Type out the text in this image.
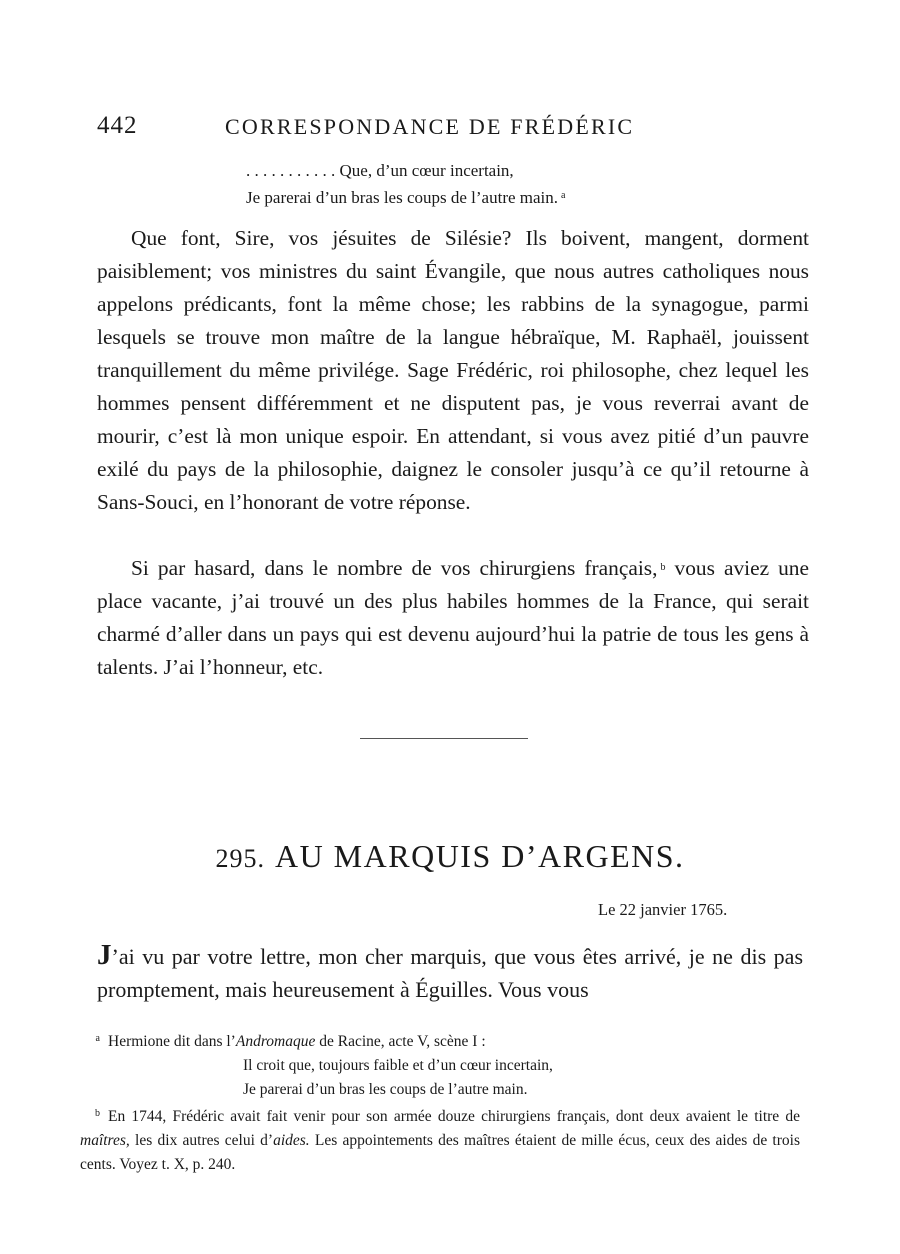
442	CORRESPONDANCE DE FRÉDÉRIC
. . . . . . . . . . . Que, d’un cœur incertain,
Je parerai d’un bras les coups de l’autre main. $^a$

Que font, Sire, vos jésuites de Silésie? Ils boivent, mangent, dorment paisiblement; vos ministres du saint Évangile, que nous autres catholiques nous appelons prédicants, font la même chose; les rabbins de la synagogue, parmi lesquels se trouve mon maître de la langue hébraïque, M. Raphaël, jouissent tranquillement du même privilége. Sage Frédéric, roi philosophe, chez lequel les hommes pensent différemment et ne disputent pas, je vous reverrai avant de mourir, c’est là mon unique espoir. En attendant, si vous avez pitié d’un pauvre exilé du pays de la philosophie, daignez le consoler jusqu’à ce qu’il retourne à Sans-Souci, en l’honorant de votre réponse.

Si par hasard, dans le nombre de vos chirurgiens français, $^b$ vous aviez une place vacante, j’ai trouvé un des plus habiles hommes de la France, qui serait charmé d’aller dans un pays qui est devenu aujourd’hui la patrie de tous les gens à talents. J’ai l’honneur, etc.

295. AU MARQUIS D’ARGENS.
Le 22 janvier 1765.

J’ai vu par votre lettre, mon cher marquis, que vous êtes arrivé, je ne dis pas promptement, mais heureusement à Éguilles. Vous vous

a Hermione dit dans l’Andromaque de Racine, acte V, scène I :

Il croit que, toujours faible et d’un cœur incertain,
Je parerai d’un bras les coups de l’autre main.

b En 1744, Frédéric avait fait venir pour son armée douze chirurgiens français, dont deux avaient le titre de maîtres, les dix autres celui d’aides. Les appointements des maîtres étaient de mille écus, ceux des aides de trois cents. Voyez t. X, p. 240.
